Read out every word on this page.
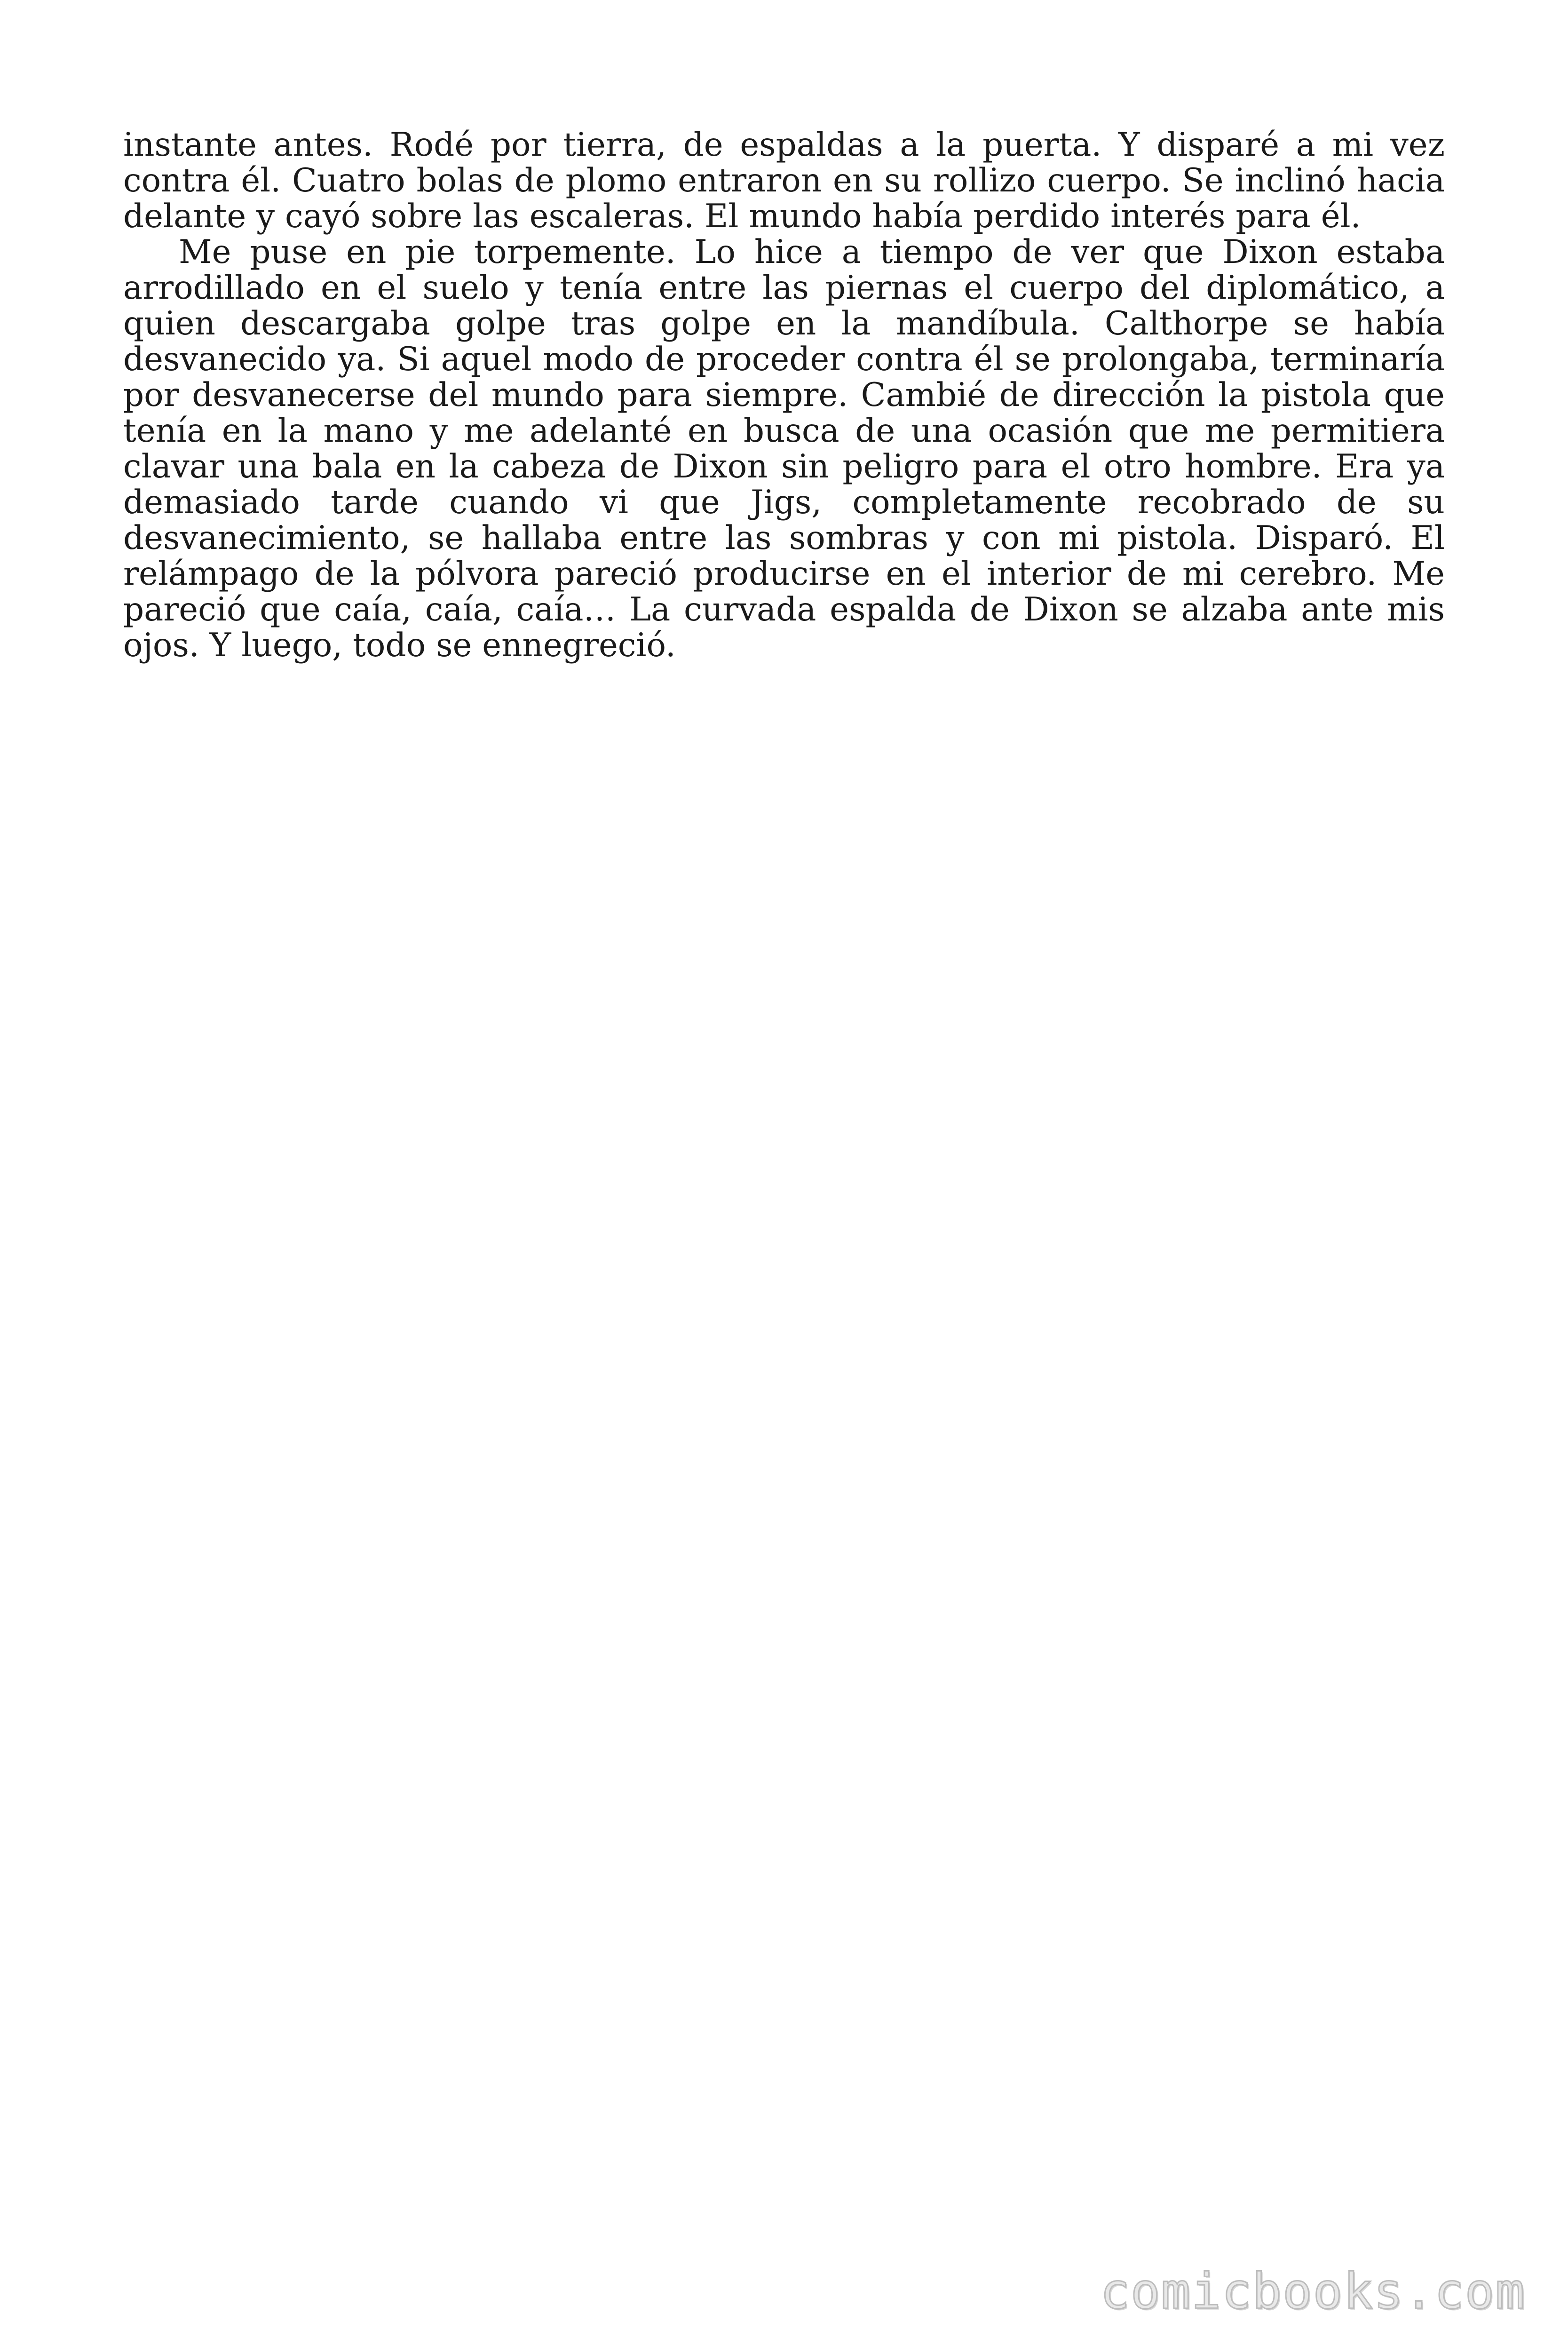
instante antes. Rodé por tierra, de espaldas a la puerta. Y disparé a mi vez contra él. Cuatro bolas de plomo entraron en su rollizo cuerpo. Se inclinó hacia delante y cayó sobre las escaleras. El mundo había perdido interés para él.

Me puse en pie torpemente. Lo hice a tiempo de ver que Dixon estaba arrodillado en el suelo y tenía entre las piernas el cuerpo del diplomático, a quien descargaba golpe tras golpe en la mandíbula. Calthorpe se había desvanecido ya. Si aquel modo de proceder contra él se prolongaba, terminaría por desvanecerse del mundo para siempre. Cambié de dirección la pistola que tenía en la mano y me adelanté en busca de una ocasión que me permitiera clavar una bala en la cabeza de Dixon sin peligro para el otro hombre. Era ya demasiado tarde cuando vi que Jigs, completamente recobrado de su desvanecimiento, se hallaba entre las sombras y con mi pistola. Disparó. El relámpago de la pólvora pareció producirse en el interior de mi cerebro. Me pareció que caía, caía, caía… La curvada espalda de Dixon se alzaba ante mis ojos. Y luego, todo se ennegreció.

comicbooks.com
